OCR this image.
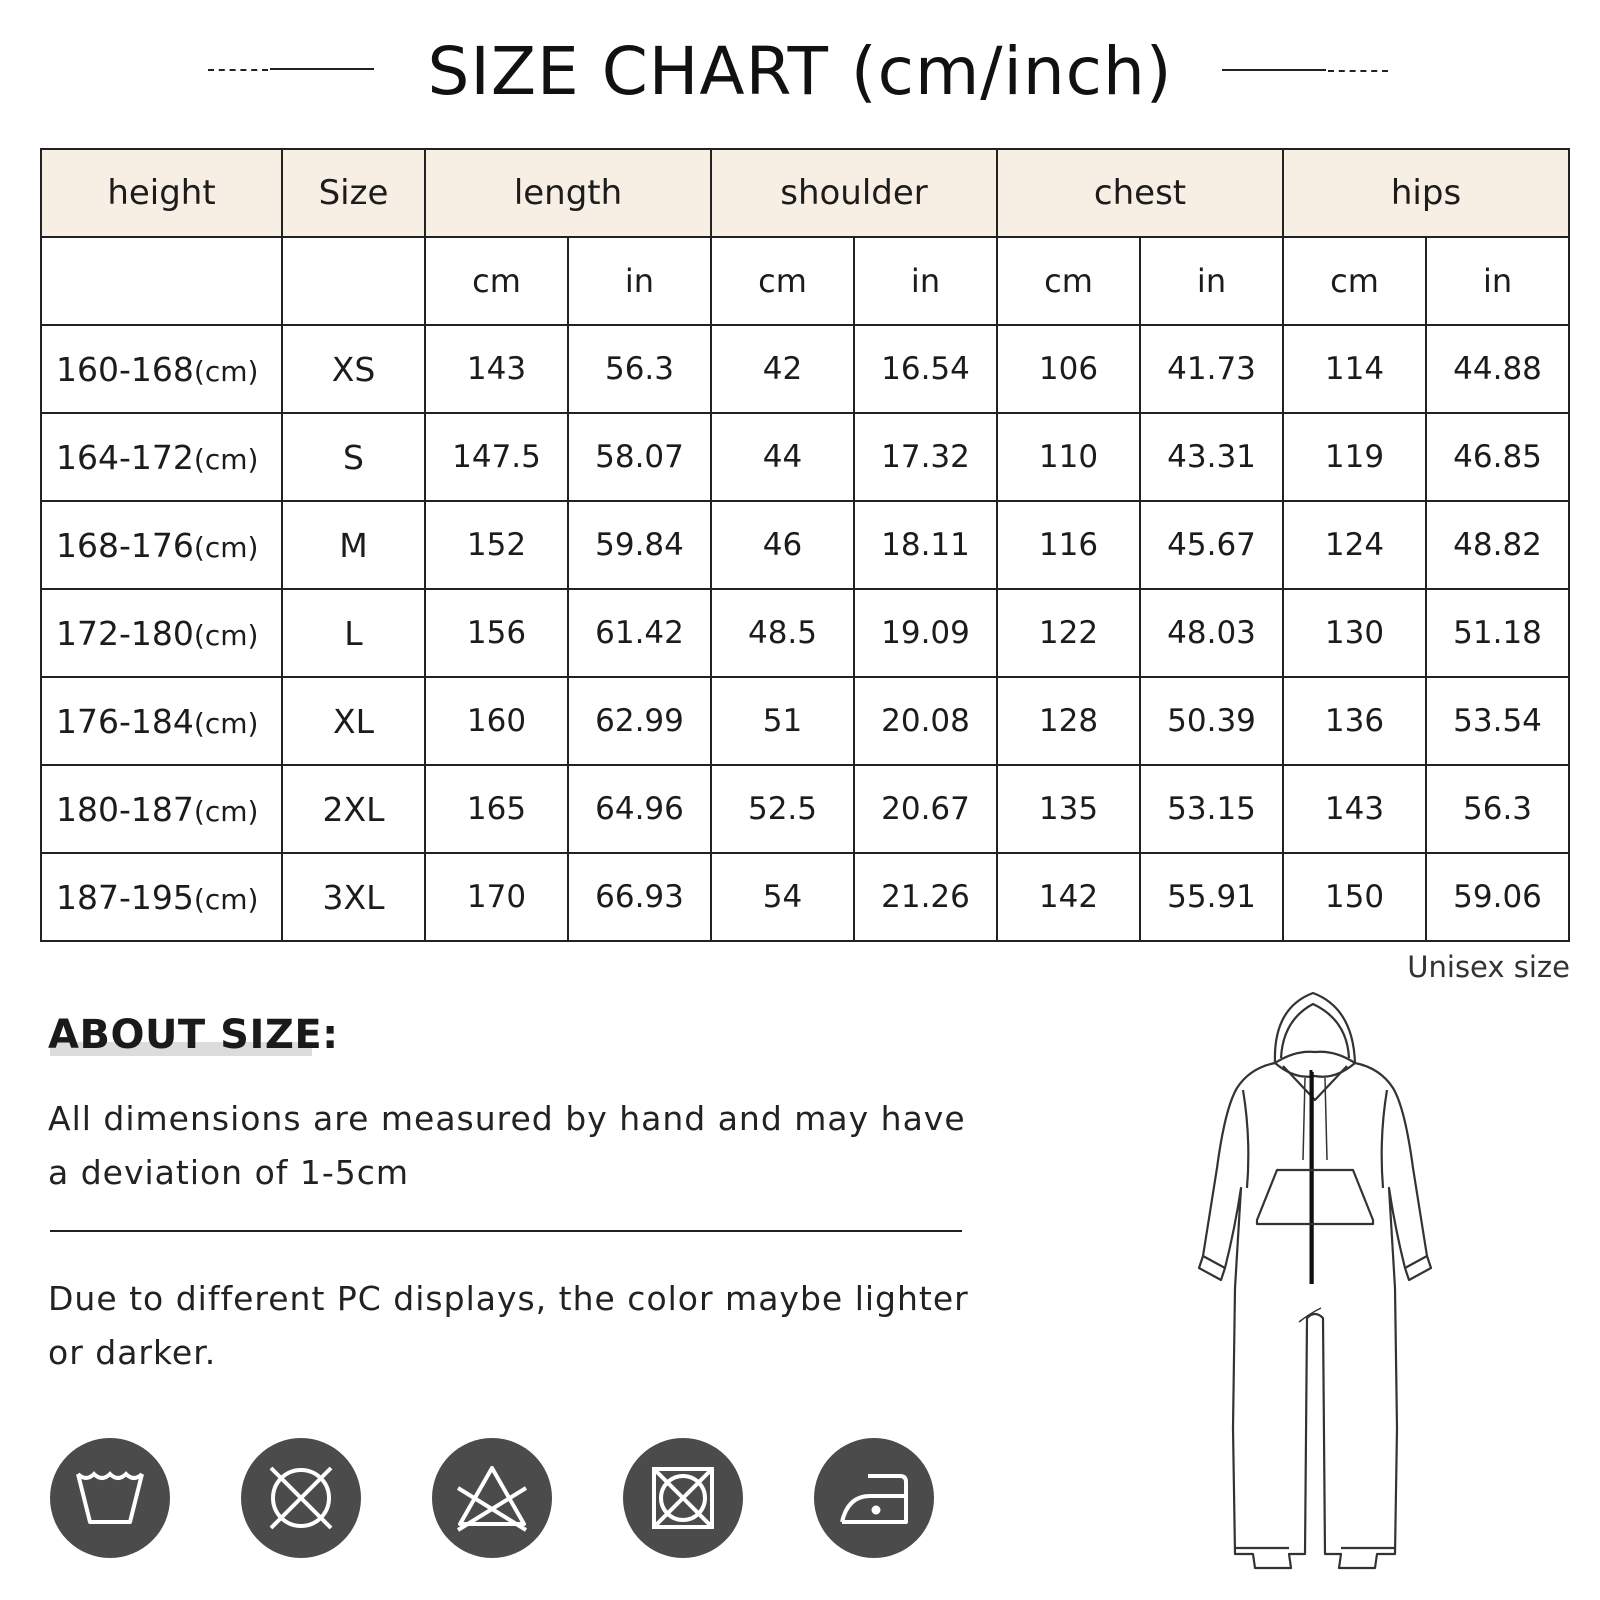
SIZE CHART (cm/inch)
height	Size	length		shoulder		chest		hips	
		cm	in	cm	in	cm	in	cm	in
160-168(cm)	XS	143	56.3	42	16.54	106	41.73	114	44.88
164-172(cm)	S	147.5	58.07	44	17.32	110	43.31	119	46.85
168-176(cm)	M	152	59.84	46	18.11	116	45.67	124	48.82
172-180(cm)	L	156	61.42	48.5	19.09	122	48.03	130	51.18
176-184(cm)	XL	160	62.99	51	20.08	128	50.39	136	53.54
180-187(cm)	2XL	165	64.96	52.5	20.67	135	53.15	143	56.3
187-195(cm)	3XL	170	66.93	54	21.26	142	55.91	150	59.06
Unisex size
ABOUT SIZE:
All dimensions are measured by hand and may have a deviation of 1-5cm
Due to different PC displays, the color maybe lighter or darker.
